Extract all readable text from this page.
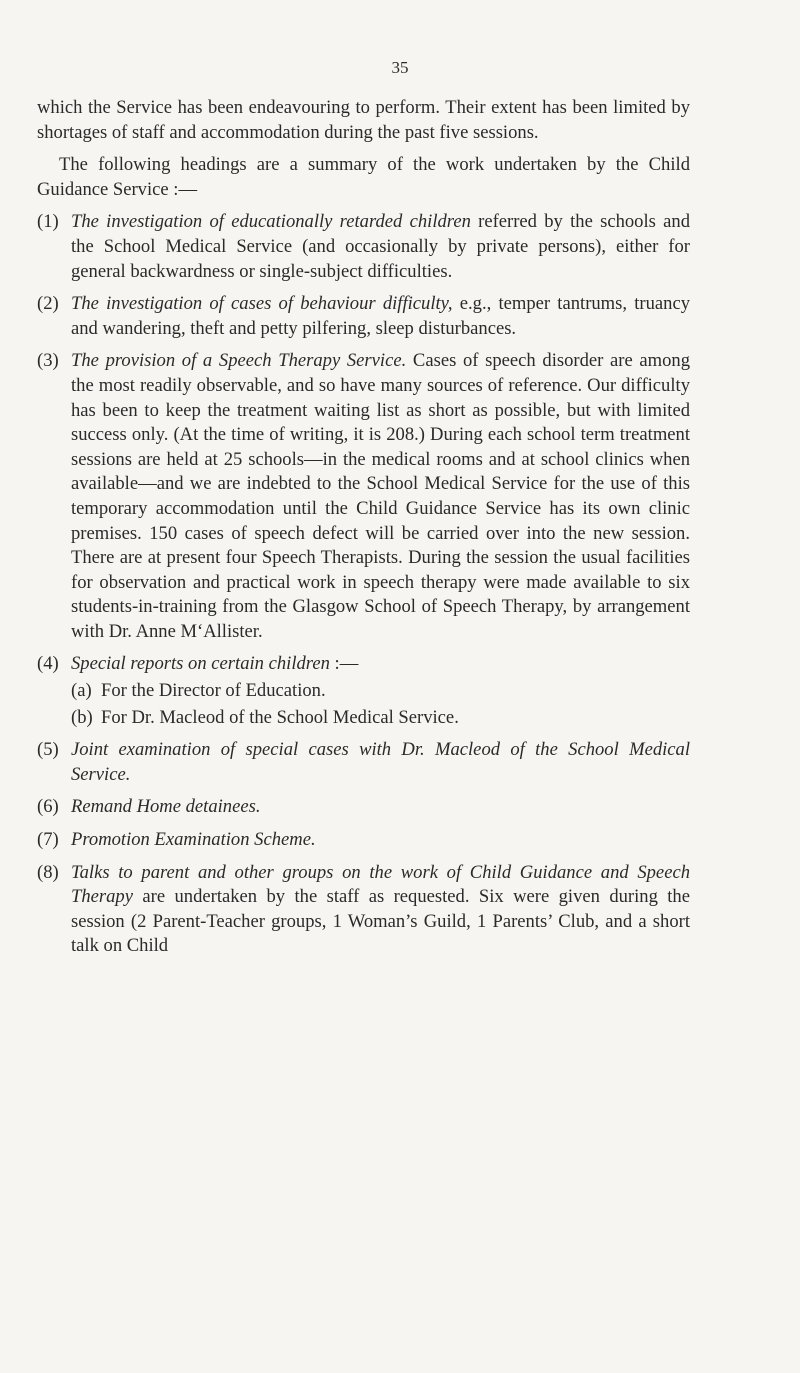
35

which the Service has been endeavouring to perform. Their extent has been limited by shortages of staff and accommodation during the past five sessions.

The following headings are a summary of the work undertaken by the Child Guidance Service :—

(1) The investigation of educationally retarded children referred by the schools and the School Medical Service (and occasionally by private persons), either for general backwardness or single-subject difficulties.
(2) The investigation of cases of behaviour difficulty, e.g., temper tantrums, truancy and wandering, theft and petty pilfering, sleep disturbances.
(3) The provision of a Speech Therapy Service. Cases of speech disorder are among the most readily observable, and so have many sources of reference. Our difficulty has been to keep the treatment waiting list as short as possible, but with limited success only. (At the time of writing, it is 208.) During each school term treatment sessions are held at 25 schools—in the medical rooms and at school clinics when available—and we are indebted to the School Medical Service for the use of this temporary accommodation until the Child Guidance Service has its own clinic premises. 150 cases of speech defect will be carried over into the new session. There are at present four Speech Therapists. During the session the usual facilities for observation and practical work in speech therapy were made available to six students-in-training from the Glasgow School of Speech Therapy, by arrangement with Dr. Anne M‘Allister.
(4) Special reports on certain children :—
(a) For the Director of Education.
(b) For Dr. Macleod of the School Medical Service.
(5) Joint examination of special cases with Dr. Macleod of the School Medical Service.
(6) Remand Home detainees.
(7) Promotion Examination Scheme.
(8) Talks to parent and other groups on the work of Child Guidance and Speech Therapy are undertaken by the staff as requested. Six were given during the session (2 Parent-Teacher groups, 1 Woman’s Guild, 1 Parents’ Club, and a short talk on Child
